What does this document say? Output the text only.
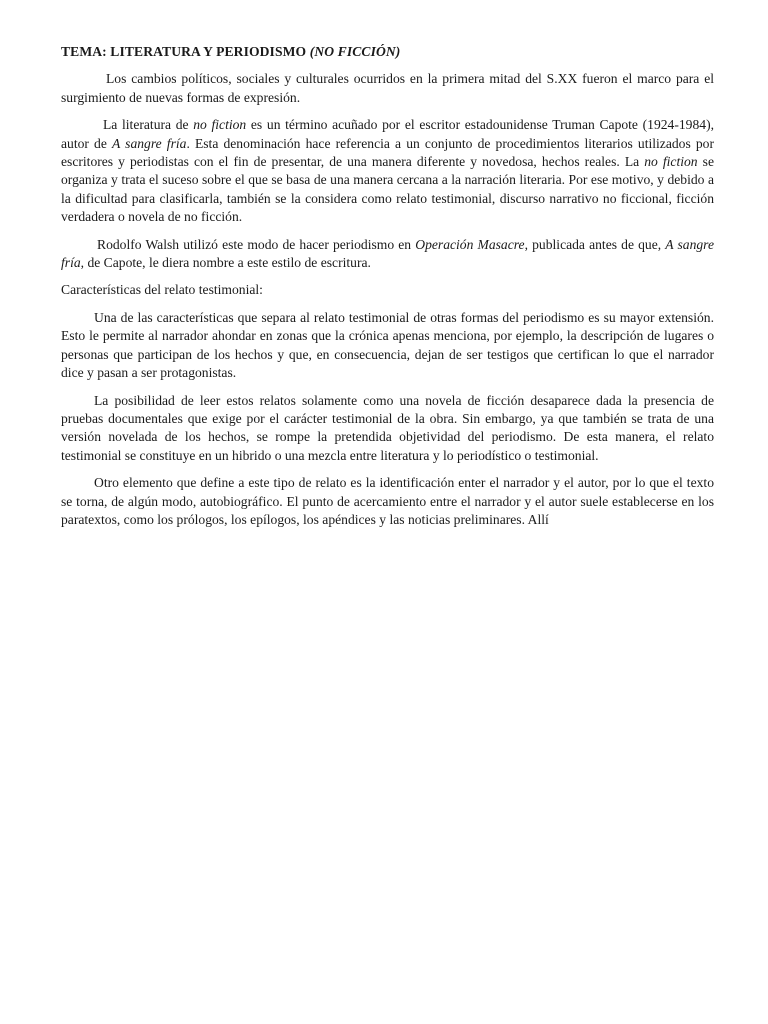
TEMA: LITERATURA Y PERIODISMO (NO FICCIÓN)

Los cambios políticos, sociales y culturales ocurridos en la primera mitad del S.XX fueron el marco para el surgimiento de nuevas formas de expresión.

La literatura de no fiction es un término acuñado por el escritor estadounidense Truman Capote (1924-1984), autor de A sangre fría. Esta denominación hace referencia a un conjunto de procedimientos literarios utilizados por escritores y periodistas con el fin de presentar, de una manera diferente y novedosa, hechos reales. La no fiction se organiza y trata el suceso sobre el que se basa de una manera cercana a la narración literaria. Por ese motivo, y debido a la dificultad para clasificarla, también se la considera como relato testimonial, discurso narrativo no ficcional, ficción verdadera o novela de no ficción.

Rodolfo Walsh utilizó este modo de hacer periodismo en Operación Masacre, publicada antes de que, A sangre fría, de Capote, le diera nombre a este estilo de escritura.

Características del relato testimonial:

Una de las características que separa al relato testimonial de otras formas del periodismo es su mayor extensión. Esto le permite al narrador ahondar en zonas que la crónica apenas menciona, por ejemplo, la descripción de lugares o personas que participan de los hechos y que, en consecuencia, dejan de ser testigos que certifican lo que el narrador dice y pasan a ser protagonistas.

La posibilidad de leer estos relatos solamente como una novela de ficción desaparece dada la presencia de pruebas documentales que exige por el carácter testimonial de la obra. Sin embargo, ya que también se trata de una versión novelada de los hechos, se rompe la pretendida objetividad del periodismo. De esta manera, el relato testimonial se constituye en un hibrido o una mezcla entre literatura y lo periodístico o testimonial.

Otro elemento que define a este tipo de relato es la identificación enter el narrador y el autor, por lo que el texto se torna, de algún modo, autobiográfico. El punto de acercamiento entre el narrador y el autor suele establecerse en los paratextos, como los prólogos, los epílogos, los apéndices y las noticias preliminares. Allí
